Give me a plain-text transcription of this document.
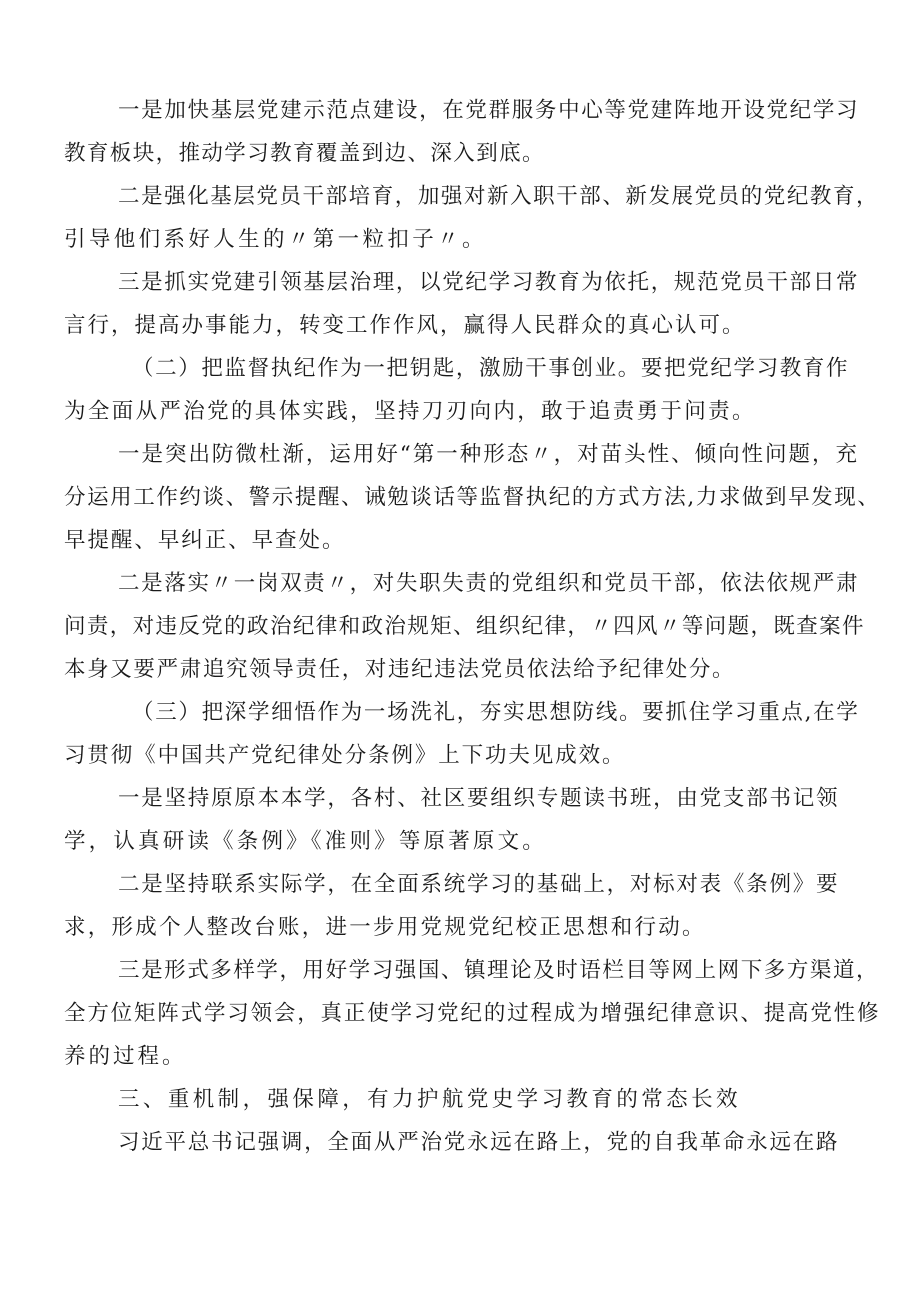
一是加快基层党建示范点建设，在党群服务中心等党建阵地开设党纪学习
教育板块，推动学习教育覆盖到边、深入到底。
二是强化基层党员干部培育，加强对新入职干部、新发展党员的党纪教育，
引导他们系好人生的〃第一粒扣子〃。
三是抓实党建引领基层治理，以党纪学习教育为依托，规范党员干部日常
言行，提高办事能力，转变工作作风，赢得人民群众的真心认可。
（二）把监督执纪作为一把钥匙，激励干事创业。要把党纪学习教育作
为全面从严治党的具体实践，坚持刀刃向内，敢于追责勇于问责。
一是突出防微杜渐，运用好“第一种形态〃，对苗头性、倾向性问题，充
分运用工作约谈、警示提醒、诫勉谈话等监督执纪的方式方法,力求做到早发现、
早提醒、早纠正、早查处。
二是落实〃一岗双责〃，对失职失责的党组织和党员干部，依法依规严肃
问责，对违反党的政治纪律和政治规矩、组织纪律，〃四风〃等问题，既查案件
本身又要严肃追究领导责任，对违纪违法党员依法给予纪律处分。
（三）把深学细悟作为一场洗礼，夯实思想防线。要抓住学习重点,在学
习贯彻《中国共产党纪律处分条例》上下功夫见成效。
一是坚持原原本本学，各村、社区要组织专题读书班，由党支部书记领
学，认真研读《条例》《准则》等原著原文。
二是坚持联系实际学，在全面系统学习的基础上，对标对表《条例》要
求，形成个人整改台账，进一步用党规党纪校正思想和行动。
三是形式多样学，用好学习强国、镇理论及时语栏目等网上网下多方渠道，
全方位矩阵式学习领会，真正使学习党纪的过程成为增强纪律意识、提高党性修
养的过程。
三、重机制，强保障，有力护航党史学习教育的常态长效
习近平总书记强调，全面从严治党永远在路上，党的自我革命永远在路
